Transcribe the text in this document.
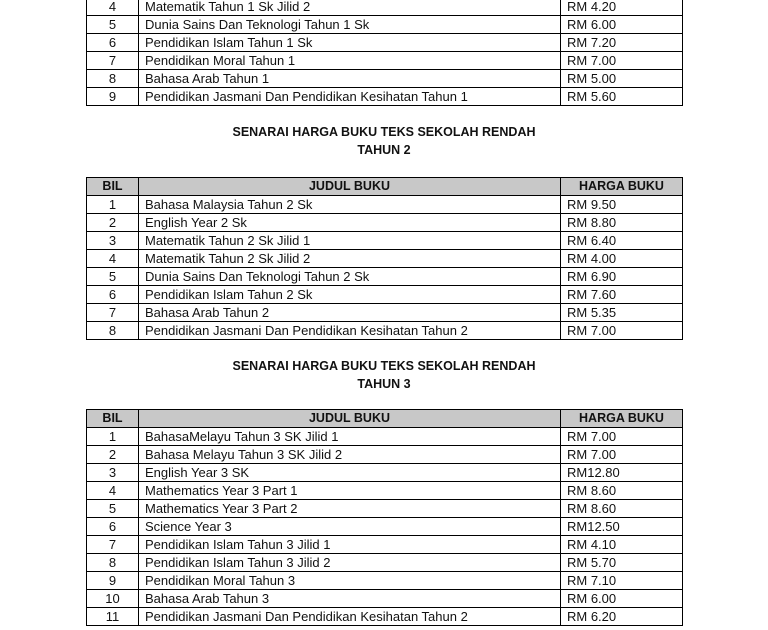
4	Matematik Tahun 1 Sk Jilid 2	RM 4.20
5	Dunia Sains Dan Teknologi Tahun 1 Sk	RM 6.00
6	Pendidikan Islam Tahun 1 Sk	RM 7.20
7	Pendidikan Moral Tahun 1	RM 7.00
8	Bahasa Arab Tahun 1	RM 5.00
9	Pendidikan Jasmani Dan Pendidikan Kesihatan Tahun 1	RM 5.60
SENARAI HARGA BUKU TEKS SEKOLAH RENDAH
TAHUN 2
BIL	JUDUL BUKU	HARGA BUKU
1	Bahasa Malaysia Tahun 2 Sk	RM 9.50
2	English Year 2 Sk	RM 8.80
3	Matematik Tahun 2 Sk Jilid 1	RM 6.40
4	Matematik Tahun 2 Sk Jilid 2	RM 4.00
5	Dunia Sains Dan Teknologi Tahun 2 Sk	RM 6.90
6	Pendidikan Islam Tahun 2 Sk	RM 7.60
7	Bahasa Arab Tahun 2	RM 5.35
8	Pendidikan Jasmani Dan Pendidikan Kesihatan Tahun 2	RM 7.00
SENARAI HARGA BUKU TEKS SEKOLAH RENDAH
TAHUN 3
BIL	JUDUL BUKU	HARGA BUKU
1	BahasaMelayu Tahun 3 SK Jilid 1	RM 7.00
2	Bahasa Melayu Tahun 3 SK Jilid 2	RM 7.00
3	English Year 3 SK	RM12.80
4	Mathematics Year 3 Part 1	RM 8.60
5	Mathematics Year 3 Part 2	RM 8.60
6	Science Year 3	RM12.50
7	Pendidikan Islam Tahun 3 Jilid 1	RM 4.10
8	Pendidikan Islam Tahun 3 Jilid 2	RM 5.70
9	Pendidikan Moral Tahun 3	RM 7.10
10	Bahasa Arab Tahun 3	RM 6.00
11	Pendidikan Jasmani Dan Pendidikan Kesihatan Tahun 2	RM 6.20
